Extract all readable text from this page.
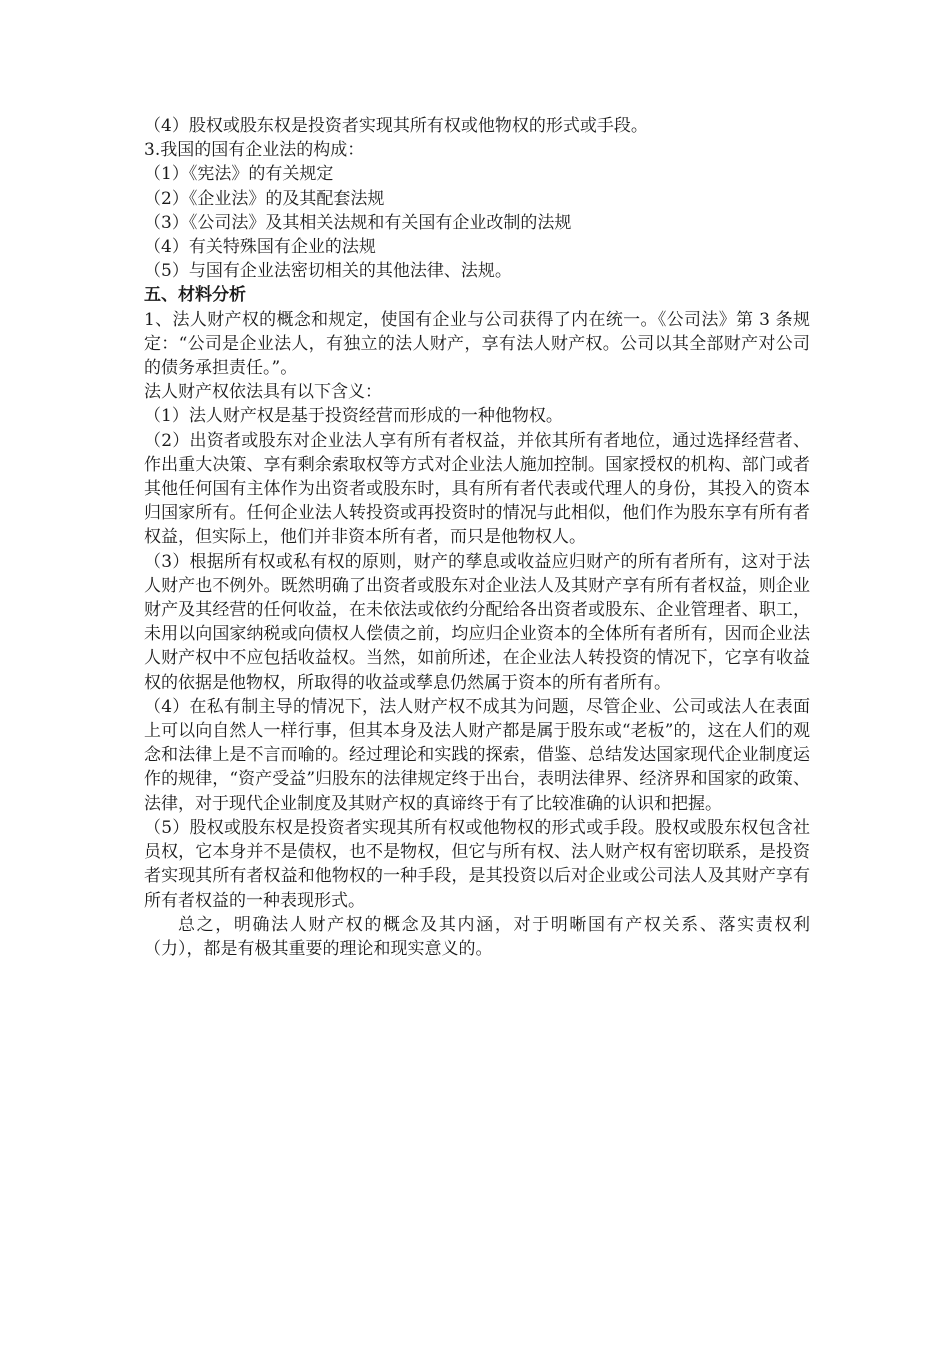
（4）股权或股东权是投资者实现其所有权或他物权的形式或手段。
3.我国的国有企业法的构成：
（1）《宪法》的有关规定
（2）《企业法》的及其配套法规
（3）《公司法》及其相关法规和有关国有企业改制的法规
（4）有关特殊国有企业的法规
（5）与国有企业法密切相关的其他法律、法规。
五、材料分析

1、法人财产权的概念和规定，使国有企业与公司获得了内在统一。《公司法》第 3 条规定：“公司是企业法人，有独立的法人财产，享有法人财产权。公司以其全部财产对公司的债务承担责任。”。

法人财产权依法具有以下含义：

（1）法人财产权是基于投资经营而形成的一种他物权。

（2）出资者或股东对企业法人享有所有者权益，并依其所有者地位，通过选择经营者、作出重大决策、享有剩余索取权等方式对企业法人施加控制。国家授权的机构、部门或者其他任何国有主体作为出资者或股东时，具有所有者代表或代理人的身份，其投入的资本归国家所有。任何企业法人转投资或再投资时的情况与此相似，他们作为股东享有所有者权益，但实际上，他们并非资本所有者，而只是他物权人。

（3）根据所有权或私有权的原则，财产的孳息或收益应归财产的所有者所有，这对于法人财产也不例外。既然明确了出资者或股东对企业法人及其财产享有所有者权益，则企业财产及其经营的任何收益，在未依法或依约分配给各出资者或股东、企业管理者、职工，未用以向国家纳税或向债权人偿债之前，均应归企业资本的全体所有者所有，因而企业法人财产权中不应包括收益权。当然，如前所述，在企业法人转投资的情况下，它享有收益权的依据是他物权，所取得的收益或孳息仍然属于资本的所有者所有。

（4）在私有制主导的情况下，法人财产权不成其为问题，尽管企业、公司或法人在表面上可以向自然人一样行事，但其本身及法人财产都是属于股东或“老板”的，这在人们的观念和法律上是不言而喻的。经过理论和实践的探索，借鉴、总结发达国家现代企业制度运作的规律，“资产受益”归股东的法律规定终于出台，表明法律界、经济界和国家的政策、法律，对于现代企业制度及其财产权的真谛终于有了比较准确的认识和把握。

（5）股权或股东权是投资者实现其所有权或他物权的形式或手段。股权或股东权包含社员权，它本身并不是债权，也不是物权，但它与所有权、法人财产权有密切联系，是投资者实现其所有者权益和他物权的一种手段，是其投资以后对企业或公司法人及其财产享有所有者权益的一种表现形式。

总之，明确法人财产权的概念及其内涵，对于明晰国有产权关系、落实责权利（力），都是有极其重要的理论和现实意义的。
